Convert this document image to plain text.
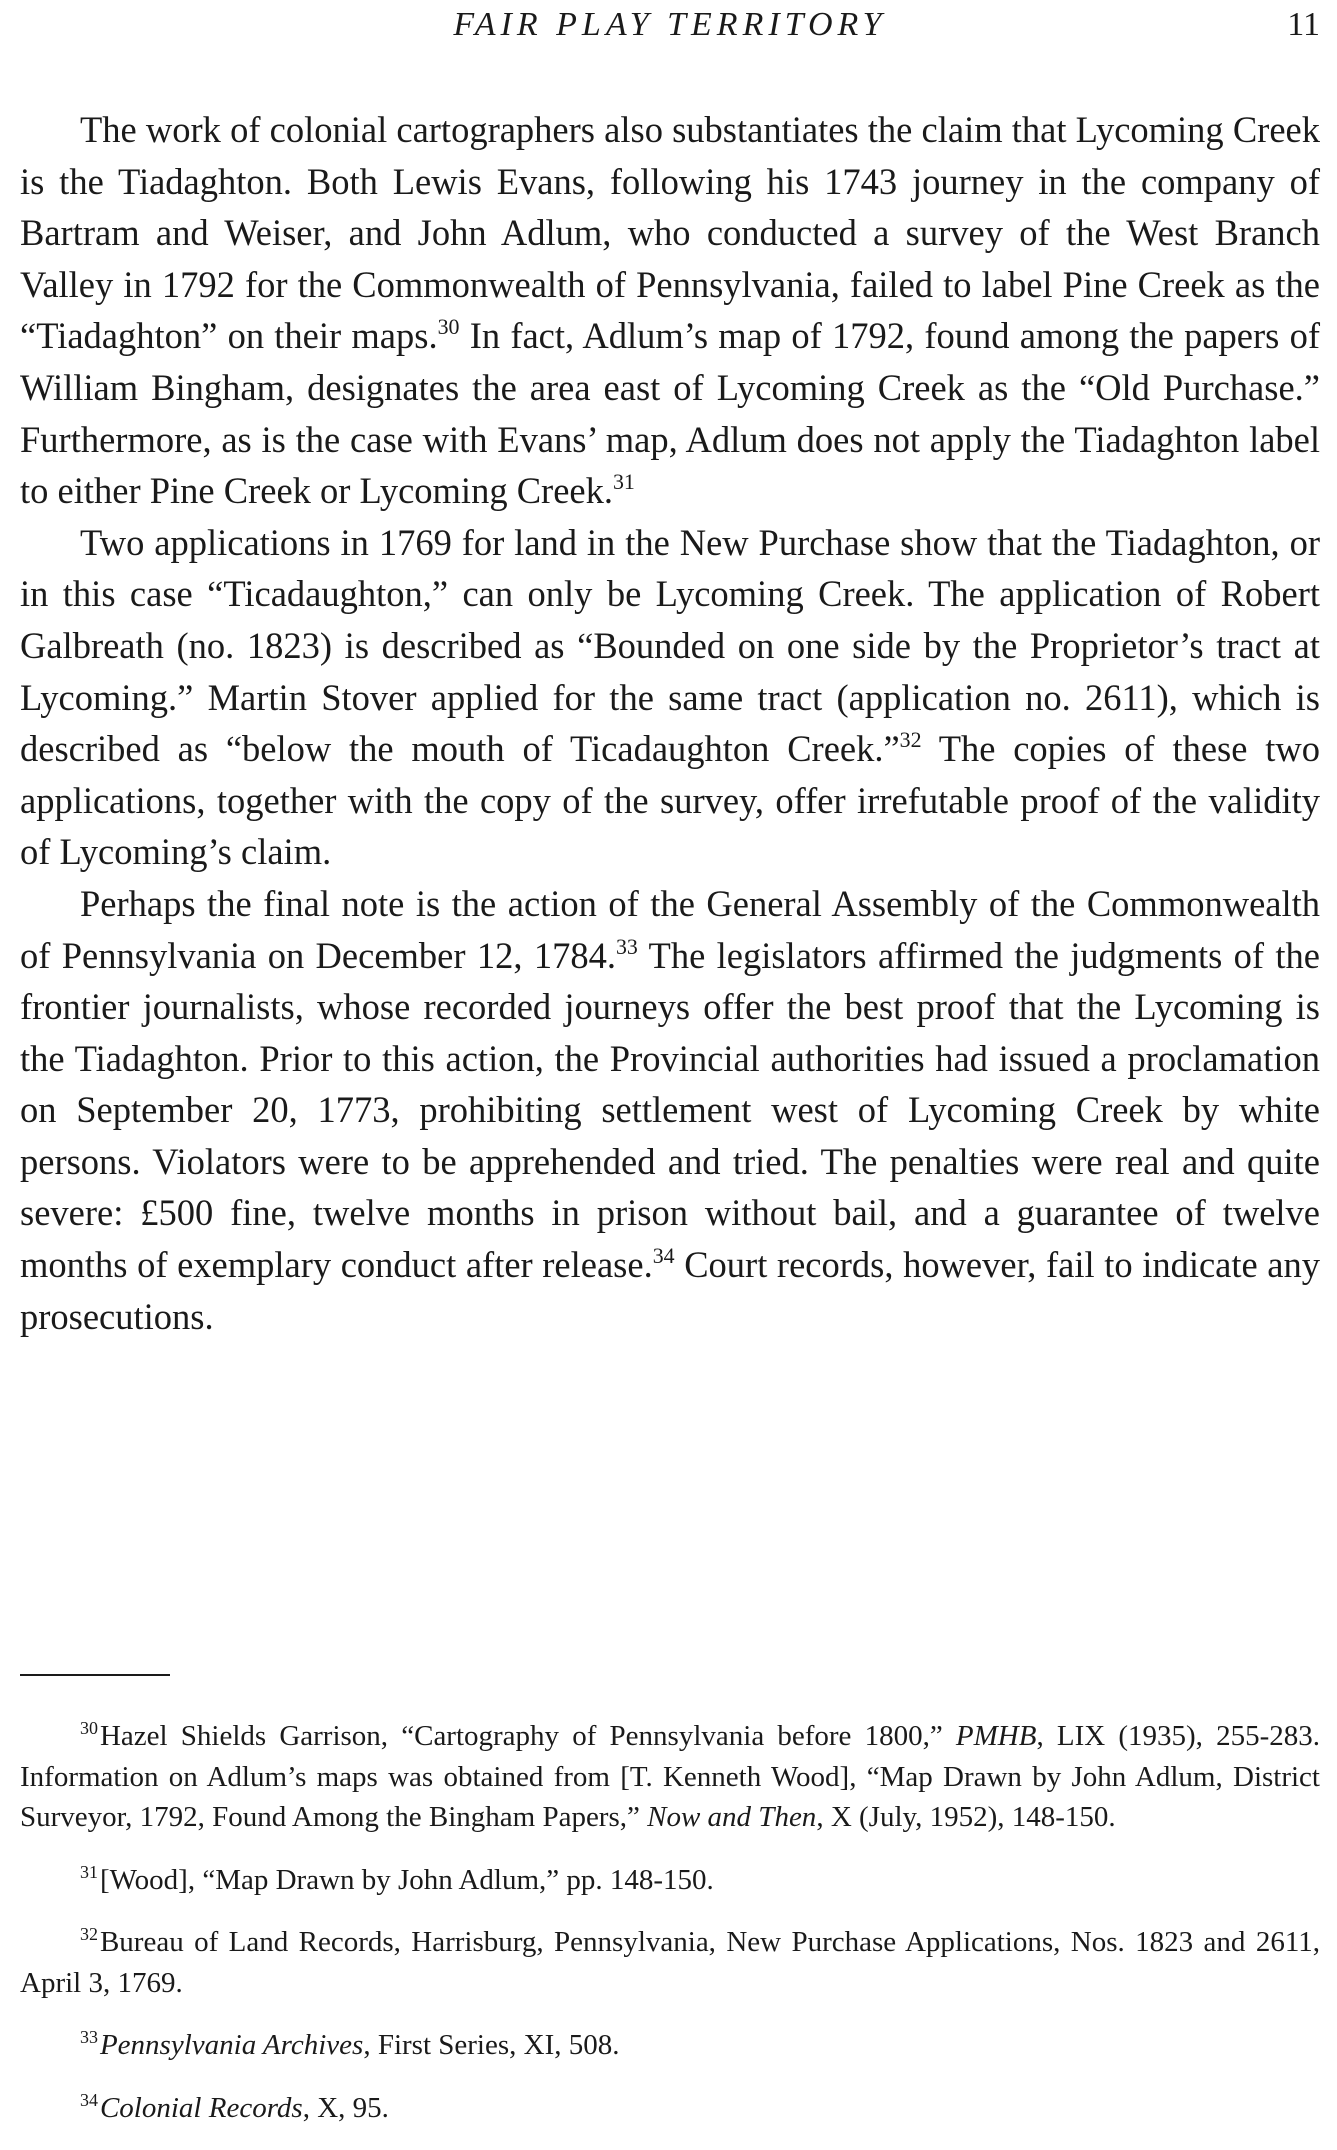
FAIR PLAY TERRITORY	11

The work of colonial cartographers also substantiates the claim that Lycoming Creek is the Tiadaghton. Both Lewis Evans, following his 1743 journey in the company of Bartram and Weiser, and John Adlum, who conducted a survey of the West Branch Valley in 1792 for the Commonwealth of Pennsylvania, failed to label Pine Creek as the “Tiadaghton” on their maps.$^{30}$ In fact, Adlum’s map of 1792, found among the papers of William Bingham, designates the area east of Lycoming Creek as the “Old Purchase.” Furthermore, as is the case with Evans’ map, Adlum does not apply the Tiadaghton label to either Pine Creek or Lycoming Creek.$^{31}$

Two applications in 1769 for land in the New Purchase show that the Tiadaghton, or in this case “Ticadaughton,” can only be Lycoming Creek. The application of Robert Galbreath (no. 1823) is described as “Bounded on one side by the Proprietor’s tract at Lycoming.” Martin Stover applied for the same tract (application no. 2611), which is described as “below the mouth of Ticadaughton Creek.”$^{32}$ The copies of these two applications, together with the copy of the survey, offer irrefutable proof of the validity of Lycoming’s claim.

Perhaps the final note is the action of the General Assembly of the Commonwealth of Pennsylvania on December 12, 1784.33 The legislators affirmed the judgments of the frontier journalists, whose recorded journeys offer the best proof that the Lycoming is the Tiadaghton. Prior to this action, the Provincial authorities had issued a proclamation on September 20, 1773, prohibiting settlement west of Lycoming Creek by white persons. Violators were to be apprehended and tried. The penalties were real and quite severe: £500 fine, twelve months in prison without bail, and a guarantee of twelve months of exemplary conduct after release.$^{34}$ Court records, however, fail to indicate any prosecutions.

$^{30}$Hazel Shields Garrison, “Cartography of Pennsylvania before 1800,” PMHB, LIX (1935), 255-283. Information on Adlum’s maps was obtained from [T. Kenneth Wood], “Map Drawn by John Adlum, District Surveyor, 1792, Found Among the Bingham Papers,” Now and Then, X (July, 1952), 148-150.

$^{31}$[Wood], “Map Drawn by John Adlum,” pp. 148-150.

$^{32}$Bureau of Land Records, Harrisburg, Pennsylvania, New Purchase Applications, Nos. 1823 and 2611, April 3, 1769.

$^{33}$Pennsylvania Archives, First Series, XI, 508.

$^{34}$Colonial Records, X, 95.
